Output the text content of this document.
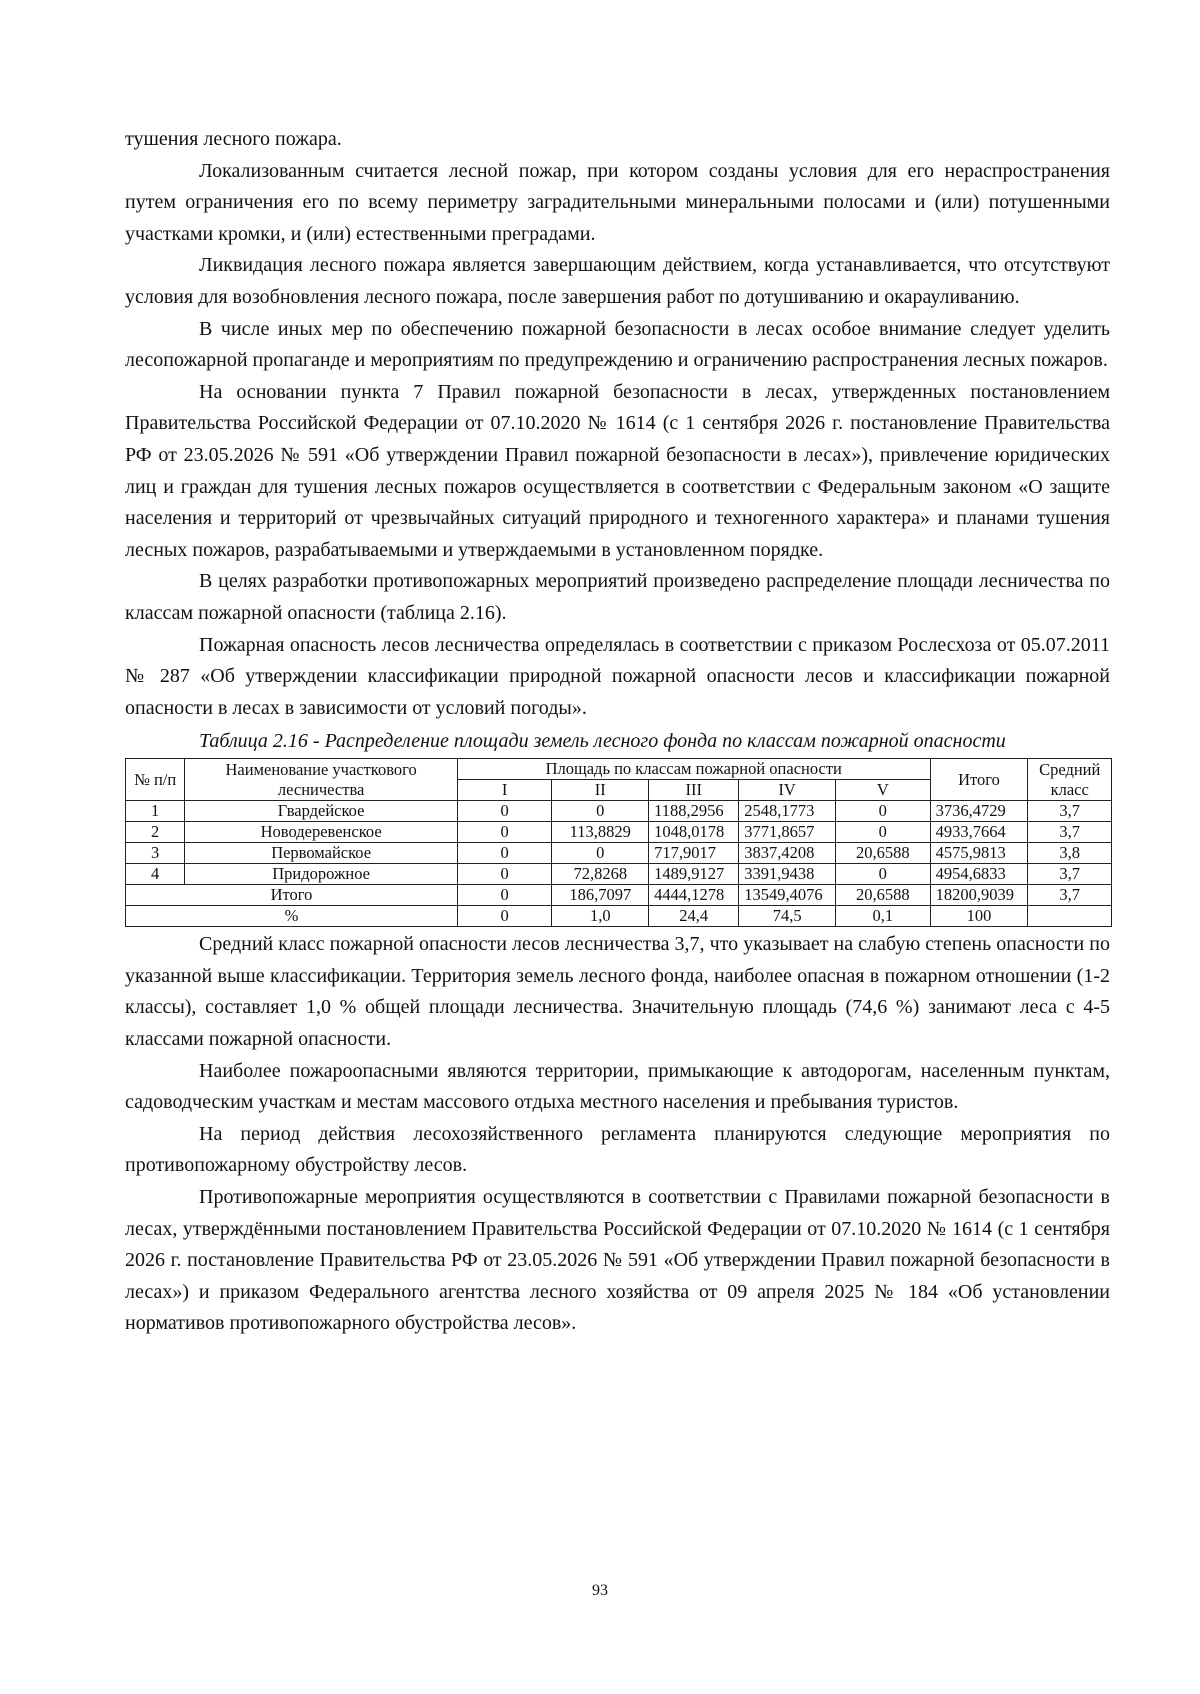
тушения лесного пожара.

Локализованным считается лесной пожар, при котором созданы условия для его нераспространения путем ограничения его по всему периметру заградительными минеральными полосами и (или) потушенными участками кромки, и (или) естественными преградами.

Ликвидация лесного пожара является завершающим действием, когда устанавливается, что отсутствуют условия для возобновления лесного пожара, после завершения работ по дотушиванию и окарауливанию.

В числе иных мер по обеспечению пожарной безопасности в лесах особое внимание следует уделить лесопожарной пропаганде и мероприятиям по предупреждению и ограничению распространения лесных пожаров.

На основании пункта 7 Правил пожарной безопасности в лесах, утвержденных постановлением Правительства Российской Федерации от 07.10.2020 № 1614 (с 1 сентября 2026 г. постановление Правительства РФ от 23.05.2026 № 591 «Об утверждении Правил пожарной безопасности в лесах»), привлечение юридических лиц и граждан для тушения лесных пожаров осуществляется в соответствии с Федеральным законом «О защите населения и территорий от чрезвычайных ситуаций природного и техногенного характера» и планами тушения лесных пожаров, разрабатываемыми и утверждаемыми в установленном порядке.

В целях разработки противопожарных мероприятий произведено распределение площади лесничества по классам пожарной опасности (таблица 2.16).

Пожарная опасность лесов лесничества определялась в соответствии с приказом Рослесхоза от 05.07.2011 № 287 «Об утверждении классификации природной пожарной опасности лесов и классификации пожарной опасности в лесах в зависимости от условий погоды».

Таблица 2.16 - Распределение площади земель лесного фонда по классам пожарной опасности

№ п/п	Наименование участкового лесничества	Площадь по классам пожарной опасности					Итого	Средний класс
		I	II	III	IV	V		
1	Гвардейское	0	0	1188,2956	2548,1773	0	3736,4729	3,7
2	Новодеревенское	0	113,8829	1048,0178	3771,8657	0	4933,7664	3,7
3	Первомайское	0	0	717,9017	3837,4208	20,6588	4575,9813	3,8
4	Придорожное	0	72,8268	1489,9127	3391,9438	0	4954,6833	3,7
Итого		0	186,7097	4444,1278	13549,4076	20,6588	18200,9039	3,7
%		0	1,0	24,4	74,5	0,1	100	

Средний класс пожарной опасности лесов лесничества 3,7, что указывает на слабую степень опасности по указанной выше классификации. Территория земель лесного фонда, наиболее опасная в пожарном отношении (1-2 классы), составляет 1,0 % общей площади лесничества. Значительную площадь (74,6 %) занимают леса с 4-5 классами пожарной опасности.

Наиболее пожароопасными являются территории, примыкающие к автодорогам, населенным пунктам, садоводческим участкам и местам массового отдыха местного населения и пребывания туристов.

На период действия лесохозяйственного регламента планируются следующие мероприятия по противопожарному обустройству лесов.

Противопожарные мероприятия осуществляются в соответствии с Правилами пожарной безопасности в лесах, утверждёнными постановлением Правительства Российской Федерации от 07.10.2020 № 1614 (с 1 сентября 2026 г. постановление Правительства РФ от 23.05.2026 № 591 «Об утверждении Правил пожарной безопасности в лесах») и приказом Федерального агентства лесного хозяйства от 09 апреля 2025 № 184 «Об установлении нормативов противопожарного обустройства лесов».

93
